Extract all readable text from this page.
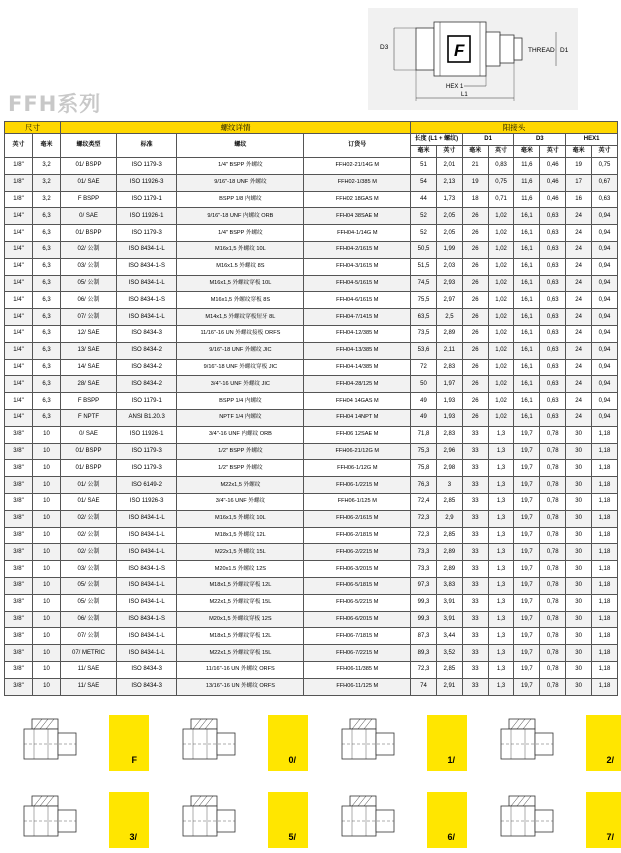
FFH系列
F
D3	THREAD D1
HEX 1
L1
尺寸		螺纹详情				阳接头							
英寸	毫米	螺纹类型	标准	螺纹	订货号	长度 (L1 + 螺纹)		D1		D3		HEX1	
						毫米	英寸	毫米	英寸	毫米	英寸	毫米	英寸
1/8"	3,2	01/ BSPP	ISO 1179-3	1/4" BSPP 外螺纹	FFH02-21/14G M	51	2,01	21	0,83	11,6	0,46	19	0,75
1/8"	3,2	01/ SAE	ISO 11926-3	9/16"-18 UNF 外螺纹	FFH02-1/385 M	54	2,13	19	0,75	11,6	0,46	17	0,67
1/8"	3,2	F BSPP	ISO 1179-1	BSPP 1/8 内螺纹	FFH02 18GAS M	44	1,73	18	0,71	11,6	0,46	16	0,63
1/4"	6,3	0/ SAE	ISO 11926-1	9/16"-18 UNF 内螺纹 ORB	FFH04 38SAE M	52	2,05	26	1,02	16,1	0,63	24	0,94
1/4"	6,3	01/ BSPP	ISO 1179-3	1/4" BSPP 外螺纹	FFH04-1/14G M	52	2,05	26	1,02	16,1	0,63	24	0,94
1/4"	6,3	02/ 公制	ISO 8434-1-L	M16x1,5 外螺纹 10L	FFH04-2/1615 M	50,5	1,99	26	1,02	16,1	0,63	24	0,94
1/4"	6,3	03/ 公制	ISO 8434-1-S	M16x1.5 外螺纹 8S	FFH04-3/1615 M	51,5	2,03	26	1,02	16,1	0,63	24	0,94
1/4"	6,3	05/ 公制	ISO 8434-1-L	M16x1,5 外螺纹穿板 10L	FFH04-5/1615 M	74,5	2,93	26	1,02	16,1	0,63	24	0,94
1/4"	6,3	06/ 公制	ISO 8434-1-S	M16x1,5 外螺纹穿板 8S	FFH04-6/1615 M	75,5	2,97	26	1,02	16,1	0,63	24	0,94
1/4"	6,3	07/ 公制	ISO 8434-1-L	M14x1,5 外螺纹穿板短牙 8L	FFH04-7/1415 M	63,5	2,5	26	1,02	16,1	0,63	24	0,94
1/4"	6,3	12/ SAE	ISO 8434-3	11/16"-16 UN 外螺纹接板 ORFS	FFH04-12/385 M	73,5	2,89	26	1,02	16,1	0,63	24	0,94
1/4"	6,3	13/ SAE	ISO 8434-2	9/16"-18 UNF 外螺纹 JIC	FFH04-13/385 M	53,6	2,11	26	1,02	16,1	0,63	24	0,94
1/4"	6,3	14/ SAE	ISO 8434-2	9/16"-18 UNF 外螺纹穿板 JIC	FFH04-14/385 M	72	2,83	26	1,02	16,1	0,63	24	0,94
1/4"	6,3	28/ SAE	ISO 8434-2	3/4"-16 UNF 外螺纹 JIC	FFH04-28/125 M	50	1,97	26	1,02	16,1	0,63	24	0,94
1/4"	6,3	F BSPP	ISO 1179-1	BSPP 1/4 内螺纹	FFH04 14GAS M	49	1,93	26	1,02	16,1	0,63	24	0,94
1/4"	6,3	F NPTF	ANSI B1.20.3	NPTF 1/4 内螺纹	FFH04 14NPT M	49	1,93	26	1,02	16,1	0,63	24	0,94
3/8"	10	0/ SAE	ISO 11926-1	3/4"-16 UNF 内螺纹 ORB	FFH06 12SAE M	71,8	2,83	33	1,3	19,7	0,78	30	1,18
3/8"	10	01/ BSPP	ISO 1179-3	1/2" BSPP 外螺纹	FFH06-21/12G M	75,3	2,96	33	1,3	19,7	0,78	30	1,18
3/8"	10	01/ BSPP	ISO 1179-3	1/2" BSPP 外螺纹	FFH06-1/12G M	75,8	2,98	33	1,3	19,7	0,78	30	1,18
3/8"	10	01/ 公制	ISO 6149-2	M22x1,5 外螺纹	FFH06-1/2215 M	76,3	3	33	1,3	19,7	0,78	30	1,18
3/8"	10	01/ SAE	ISO 11926-3	3/4"-16 UNF 外螺纹	FFH06-1/125 M	72,4	2,85	33	1,3	19,7	0,78	30	1,18
3/8"	10	02/ 公制	ISO 8434-1-L	M16x1,5 外螺纹 10L	FFH06-2/1615 M	72,3	2,9	33	1,3	19,7	0,78	30	1,18
3/8"	10	02/ 公制	ISO 8434-1-L	M18x1,5 外螺纹 12L	FFH06-2/1815 M	72,3	2,85	33	1,3	19,7	0,78	30	1,18
3/8"	10	02/ 公制	ISO 8434-1-L	M22x1,5 外螺纹 15L	FFH06-2/2215 M	73,3	2,89	33	1,3	19,7	0,78	30	1,18
3/8"	10	03/ 公制	ISO 8434-1-S	M20x1.5 外螺纹 12S	FFH06-3/2015 M	73,3	2,89	33	1,3	19,7	0,78	30	1,18
3/8"	10	05/ 公制	ISO 8434-1-L	M18x1,5 外螺纹穿板 12L	FFH06-5/1815 M	97,3	3,83	33	1,3	19,7	0,78	30	1,18
3/8"	10	05/ 公制	ISO 8434-1-L	M22x1,5 外螺纹穿板 15L	FFH06-5/2215 M	99,3	3,91	33	1,3	19,7	0,78	30	1,18
3/8"	10	06/ 公制	ISO 8434-1-S	M20x1,5 外螺纹穿板 12S	FFH06-6/2015 M	99,3	3,91	33	1,3	19,7	0,78	30	1,18
3/8"	10	07/ 公制	ISO 8434-1-L	M18x1,5 外螺纹穿板 12L	FFH06-7/1815 M	87,3	3,44	33	1,3	19,7	0,78	30	1,18
3/8"	10	07/ METRIC	ISO 8434-1-L	M22x1,5 外螺纹穿板 15L	FFH06-7/2215 M	89,3	3,52	33	1,3	19,7	0,78	30	1,18
3/8"	10	11/ SAE	ISO 8434-3	11/16"-16 UN 外螺纹 ORFS	FFH06-11/385 M	72,3	2,85	33	1,3	19,7	0,78	30	1,18
3/8"	10	11/ SAE	ISO 8434-3	13/16"-16 UN 外螺纹 ORFS	FFH06-11/125 M	74	2,91	33	1,3	19,7	0,78	30	1,18
F	0/	1/	2/
3/	5/	6/	7/
